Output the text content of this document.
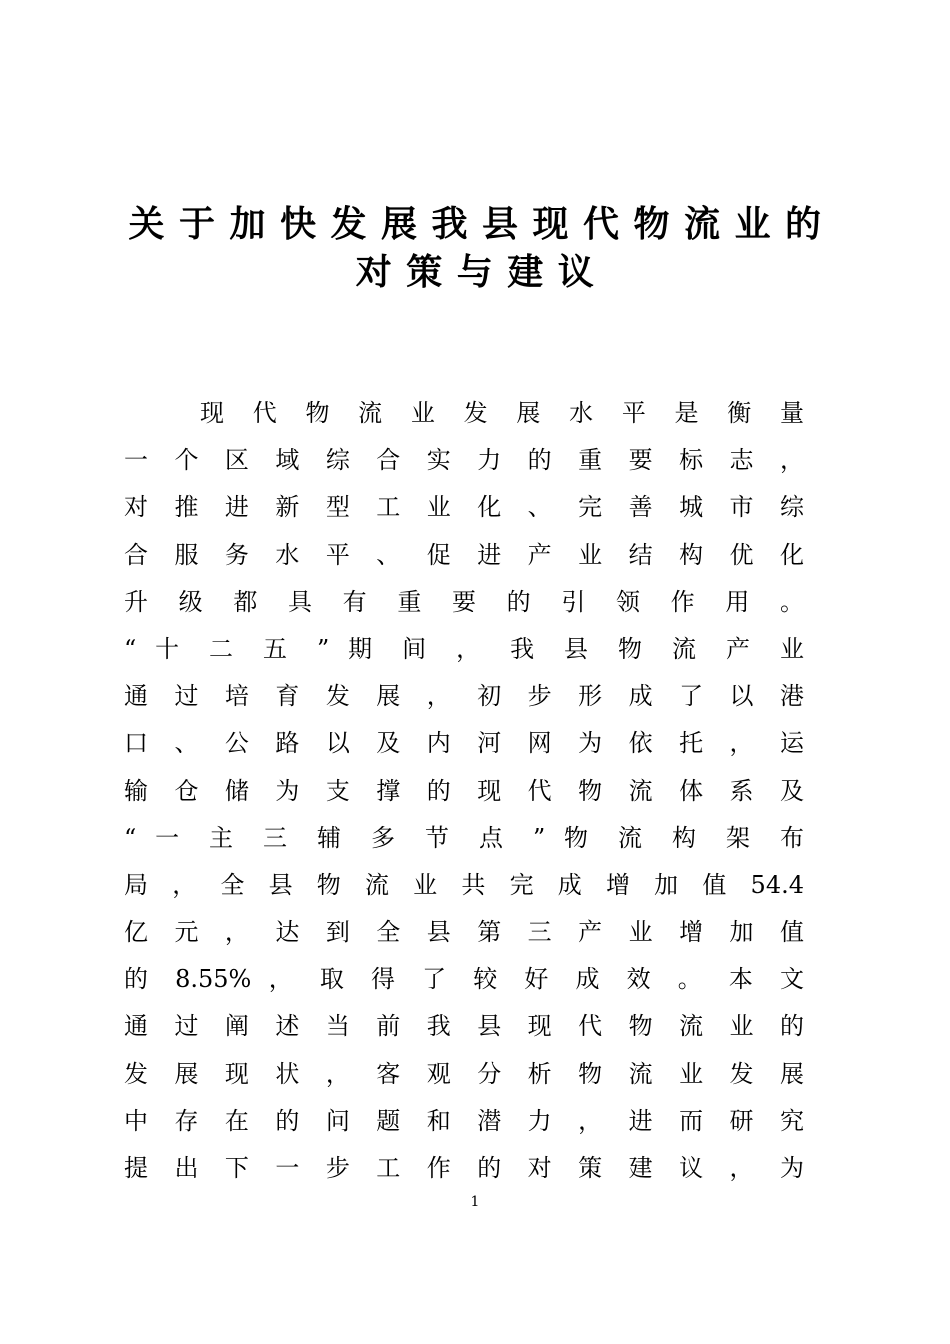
关于加快发展我县现代物流业的
对策与建议
现 代 物 流 业 发 展 水 平 是 衡 量
一 个 区 域 综 合 实 力 的 重 要 标 志 ，
对 推 进 新 型 工 业 化 、 完 善 城 市 综
合 服 务 水 平 、 促 进 产 业 结 构 优 化
升 级 都 具 有 重 要 的 引 领 作 用 。
“ 十 二 五 ” 期 间 ， 我 县 物 流 产 业
通 过 培 育 发 展 ， 初 步 形 成 了 以 港
口 、 公 路 以 及 内 河 网 为 依 托 ， 运
输 仓 储 为 支 撑 的 现 代 物 流 体 系 及
“ 一 主 三 辅 多 节 点 ” 物 流 构 架 布
局 ， 全 县 物 流 业 共 完 成 增 加 值 54.4
亿 元 ， 达 到 全 县 第 三 产 业 增 加 值
的 8.55% ， 取 得 了 较 好 成 效 。 本 文
通 过 阐 述 当 前 我 县 现 代 物 流 业 的
发 展 现 状 ， 客 观 分 析 物 流 业 发 展
中 存 在 的 问 题 和 潜 力 ， 进 而 研 究
提 出 下 一 步 工 作 的 对 策 建 议 ， 为
1
